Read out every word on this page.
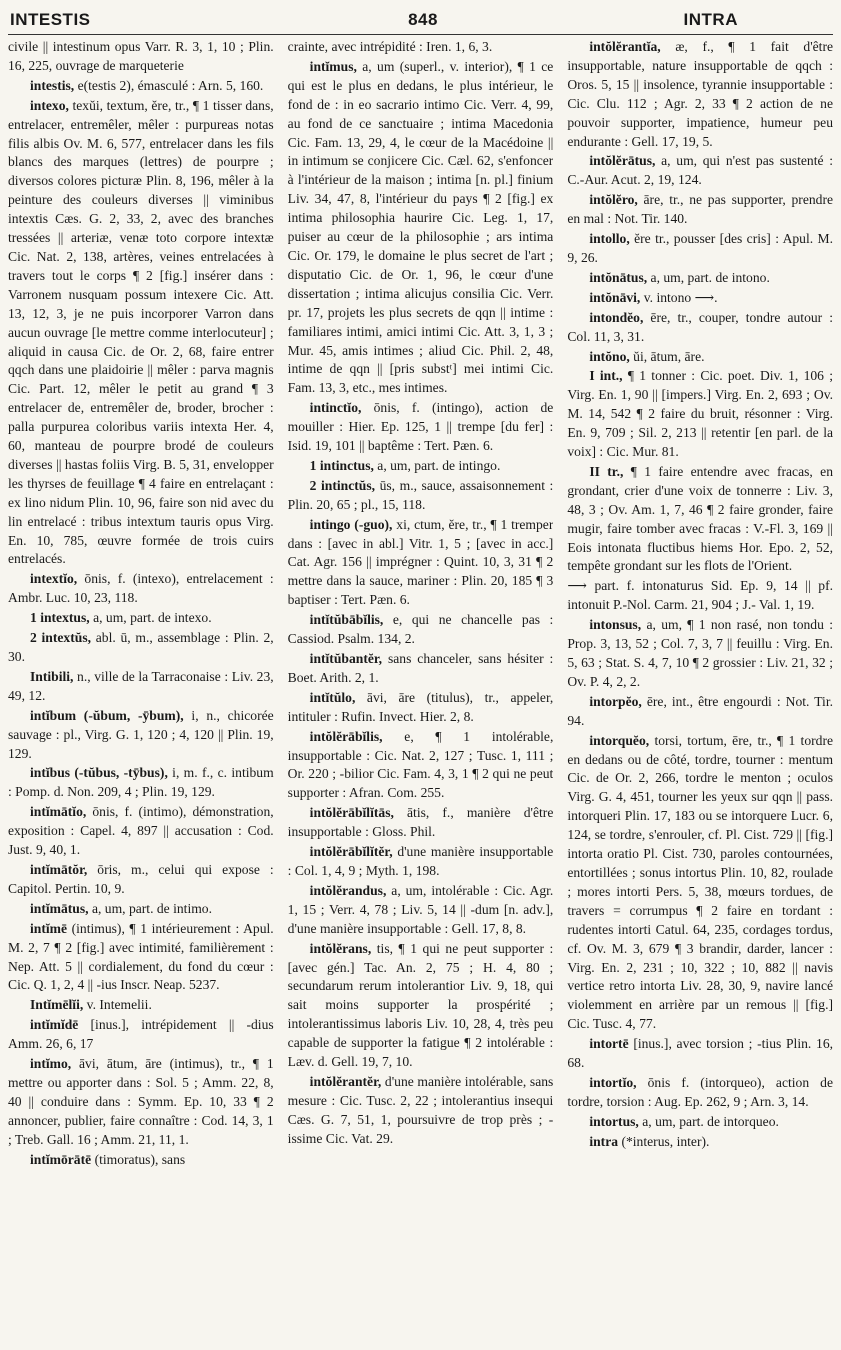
INTESTIS	848	INTRA

civile || intestinum opus Varr. R. 3, 1, 10 ; Plin. 16, 225, ouvrage de marqueterie

intestis, e(testis 2), émasculé : Arn. 5, 160.

intexo, texŭi, textum, ĕre, tr., ¶ 1 tisser dans, entrelacer, entremêler, mêler : purpureas notas filis albis Ov. M. 6, 577, entrelacer dans les fils blancs des marques (lettres) de pourpre ; diversos colores picturæ Plin. 8, 196, mêler à la peinture des couleurs diverses || viminibus intextis Cæs. G. 2, 33, 2, avec des branches tressées || arteriæ, venæ toto corpore intextæ Cic. Nat. 2, 138, artères, veines entrelacées à travers tout le corps ¶ 2 [fig.] insérer dans : Varronem nusquam possum intexere Cic. Att. 13, 12, 3, je ne puis incorporer Varron dans aucun ouvrage [le mettre comme interlocuteur] ; aliquid in causa Cic. de Or. 2, 68, faire entrer qqch dans une plaidoirie || mêler : parva magnis Cic. Part. 12, mêler le petit au grand ¶ 3 entrelacer de, entremêler de, broder, brocher : palla purpurea coloribus variis intexta Her. 4, 60, manteau de pourpre brodé de couleurs diverses || hastas foliis Virg. B. 5, 31, envelopper les thyrses de feuillage ¶ 4 faire en entrelaçant : ex lino nidum Plin. 10, 96, faire son nid avec du lin entrelacé : tribus intextum tauris opus Virg. En. 10, 785, œuvre formée de trois cuirs entrelacés.

intextĭo, ōnis, f. (intexo), entrelacement : Ambr. Luc. 10, 23, 118.

1 intextus, a, um, part. de intexo.

2 intextŭs, abl. ū, m., assemblage : Plin. 2, 30.

Intibili, n., ville de la Tarraconaise : Liv. 23, 49, 12.

intĭbum (-ŭbum, -ȳbum), i, n., chicorée sauvage : pl., Virg. G. 1, 120 ; 4, 120 || Plin. 19, 129.

intĭbus (-tŭbus, -tȳbus), i, m. f., c. intibum : Pomp. d. Non. 209, 4 ; Plin. 19, 129.

intĭmātĭo, ōnis, f. (intimo), démonstration, exposition : Capel. 4, 897 || accusation : Cod. Just. 9, 40, 1.

intĭmātŏr, ōris, m., celui qui expose : Capitol. Pertin. 10, 9.

intĭmātus, a, um, part. de intimo.

intĭmē (intimus), ¶ 1 intérieurement : Apul. M. 2, 7 ¶ 2 [fig.] avec intimité, familièrement : Nep. Att. 5 || cordialement, du fond du cœur : Cic. Q. 1, 2, 4 || -ius Inscr. Neap. 5237.

Intĭmēlĭi, v. Intemelii.

intĭmĭdē [inus.], intrépidement || -dius Amm. 26, 6, 17

intĭmo, āvi, ātum, āre (intimus), tr., ¶ 1 mettre ou apporter dans : Sol. 5 ; Amm. 22, 8, 40 || conduire dans : Symm. Ep. 10, 33 ¶ 2 annoncer, publier, faire connaître : Cod. 14, 3, 1 ; Treb. Gall. 16 ; Amm. 21, 11, 1.

intĭmōrātē (timoratus), sans

crainte, avec intrépidité : Iren. 1, 6, 3.

intĭmus, a, um (superl., v. interior), ¶ 1 ce qui est le plus en dedans, le plus intérieur, le fond de : in eo sacrario intimo Cic. Verr. 4, 99, au fond de ce sanctuaire ; intima Macedonia Cic. Fam. 13, 29, 4, le cœur de la Macédoine || in intimum se conjicere Cic. Cæl. 62, s'enfoncer à l'intérieur de la maison ; intima [n. pl.] finium Liv. 34, 47, 8, l'intérieur du pays ¶ 2 [fig.] ex intima philosophia haurire Cic. Leg. 1, 17, puiser au cœur de la philosophie ; ars intima Cic. Or. 179, le domaine le plus secret de l'art ; disputatio Cic. de Or. 1, 96, le cœur d'une dissertation ; intima alicujus consilia Cic. Verr. pr. 17, projets les plus secrets de qqn || intime : familiares intimi, amici intimi Cic. Att. 3, 1, 3 ; Mur. 45, amis intimes ; aliud Cic. Phil. 2, 48, intime de qqn || [pris substᵗ] mei intimi Cic. Fam. 13, 3, etc., mes intimes.

intinctĭo, ōnis, f. (intingo), action de mouiller : Hier. Ep. 125, 1 || trempe [du fer] : Isid. 19, 101 || baptême : Tert. Pæn. 6.

1 intinctus, a, um, part. de intingo.

2 intinctŭs, ūs, m., sauce, assaisonnement : Plin. 20, 65 ; pl., 15, 118.

intingo (-guo), xi, ctum, ĕre, tr., ¶ 1 tremper dans : [avec in abl.] Vitr. 1, 5 ; [avec in acc.] Cat. Agr. 156 || imprégner : Quint. 10, 3, 31 ¶ 2 mettre dans la sauce, mariner : Plin. 20, 185 ¶ 3 baptiser : Tert. Pæn. 6.

intĭtŭbābĭlis, e, qui ne chancelle pas : Cassiod. Psalm. 134, 2.

intĭtŭbantĕr, sans chanceler, sans hésiter : Boet. Arith. 2, 1.

intĭtŭlo, āvi, āre (titulus), tr., appeler, intituler : Rufin. Invect. Hier. 2, 8.

intŏlĕrābĭlis, e, ¶ 1 intolérable, insupportable : Cic. Nat. 2, 127 ; Tusc. 1, 111 ; Or. 220 ; -bilior Cic. Fam. 4, 3, 1 ¶ 2 qui ne peut supporter : Afran. Com. 255.

intŏlĕrābĭlĭtās, ātis, f., manière d'être insupportable : Gloss. Phil.

intŏlĕrābĭlĭtĕr, d'une manière insupportable : Col. 1, 4, 9 ; Myth. 1, 198.

intŏlĕrandus, a, um, intolérable : Cic. Agr. 1, 15 ; Verr. 4, 78 ; Liv. 5, 14 || -dum [n. adv.], d'une manière insupportable : Gell. 17, 8, 8.

intŏlĕrans, tis, ¶ 1 qui ne peut supporter : [avec gén.] Tac. An. 2, 75 ; H. 4, 80 ; secundarum rerum intolerantior Liv. 9, 18, qui sait moins supporter la prospérité ; intolerantissimus laboris Liv. 10, 28, 4, très peu capable de supporter la fatigue ¶ 2 intolérable : Læv. d. Gell. 19, 7, 10.

intŏlĕrantĕr, d'une manière intolérable, sans mesure : Cic. Tusc. 2, 22 ; intolerantius insequi Cæs. G. 7, 51, 1, poursuivre de trop près ; -issime Cic. Vat. 29.

intŏlĕrantĭa, æ, f., ¶ 1 fait d'être insupportable, nature insupportable de qqch : Oros. 5, 15 || insolence, tyrannie insupportable : Cic. Clu. 112 ; Agr. 2, 33 ¶ 2 action de ne pouvoir supporter, impatience, humeur peu endurante : Gell. 17, 19, 5.

intŏlĕrātus, a, um, qui n'est pas sustenté : C.-Aur. Acut. 2, 19, 124.

intŏlĕro, āre, tr., ne pas supporter, prendre en mal : Not. Tir. 140.

intollo, ĕre tr., pousser [des cris] : Apul. M. 9, 26.

intŏnātus, a, um, part. de intono.

intŏnāvi, v. intono ⟶.

intondĕo, ēre, tr., couper, tondre autour : Col. 11, 3, 31.

intŏno, ŭi, ātum, āre.

I int., ¶ 1 tonner : Cic. poet. Div. 1, 106 ; Virg. En. 1, 90 || [impers.] Virg. En. 2, 693 ; Ov. M. 14, 542 ¶ 2 faire du bruit, résonner : Virg. En. 9, 709 ; Sil. 2, 213 || retentir [en parl. de la voix] : Cic. Mur. 81.

II tr., ¶ 1 faire entendre avec fracas, en grondant, crier d'une voix de tonnerre : Liv. 3, 48, 3 ; Ov. Am. 1, 7, 46 ¶ 2 faire gronder, faire mugir, faire tomber avec fracas : V.-Fl. 3, 169 || Eois intonata fluctibus hiems Hor. Epo. 2, 52, tempête grondant sur les flots de l'Orient.

⟶ part. f. intonaturus Sid. Ep. 9, 14 || pf. intonuit P.-Nol. Carm. 21, 904 ; J.- Val. 1, 19.

intonsus, a, um, ¶ 1 non rasé, non tondu : Prop. 3, 13, 52 ; Col. 7, 3, 7 || feuillu : Virg. En. 5, 63 ; Stat. S. 4, 7, 10 ¶ 2 grossier : Liv. 21, 32 ; Ov. P. 4, 2, 2.

intorpĕo, ēre, int., être engourdi : Not. Tir. 94.

intorquĕo, torsi, tortum, ēre, tr., ¶ 1 tordre en dedans ou de côté, tordre, tourner : mentum Cic. de Or. 2, 266, tordre le menton ; oculos Virg. G. 4, 451, tourner les yeux sur qqn || pass. intorqueri Plin. 17, 183 ou se intorquere Lucr. 6, 124, se tordre, s'enrouler, cf. Pl. Cist. 729 || [fig.] intorta oratio Pl. Cist. 730, paroles contournées, entortillées ; sonus intortus Plin. 10, 82, roulade ; mores intorti Pers. 5, 38, mœurs tordues, de travers = corrumpus ¶ 2 faire en tordant : rudentes intorti Catul. 64, 235, cordages tordus, cf. Ov. M. 3, 679 ¶ 3 brandir, darder, lancer : Virg. En. 2, 231 ; 10, 322 ; 10, 882 || navis vertice retro intorta Liv. 28, 30, 9, navire lancé violemment en arrière par un remous || [fig.] Cic. Tusc. 4, 77.

intortē [inus.], avec torsion ; -tius Plin. 16, 68.

intortĭo, ōnis f. (intorqueo), action de tordre, torsion : Aug. Ep. 262, 9 ; Arn. 3, 14.

intortus, a, um, part. de intorqueo.

intra (*interus, inter).
